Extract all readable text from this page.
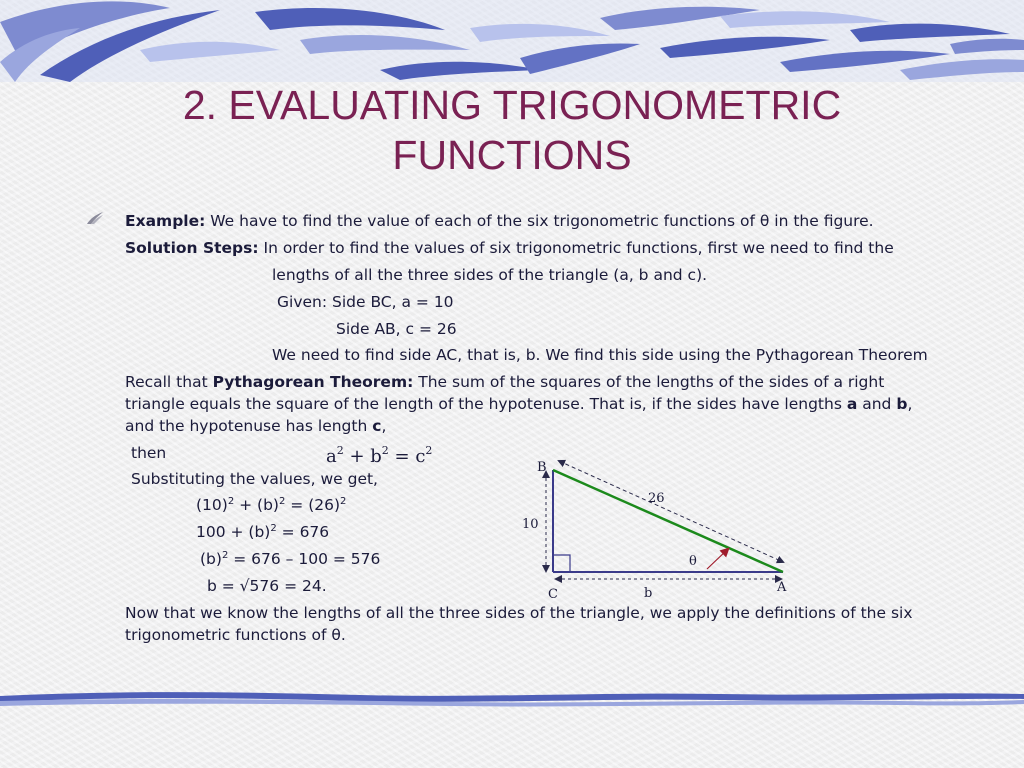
2. EVALUATING TRIGONOMETRIC
FUNCTIONS
Example: We have to find the value of each of the six trigonometric functions of θ in the figure.
Solution Steps: In order to find the values of six trigonometric functions, first we need to find the
lengths of all the three sides of the triangle (a, b and c).
Given: Side BC, a = 10
Side AB, c = 26
We need to find side AC, that is, b. We find this side using the Pythagorean Theorem
Recall that Pythagorean Theorem: The sum of the squares of the lengths of the sides of a right
triangle equals the square of the length of the hypotenuse. That is, if the sides have lengths a and b,
and the hypotenuse has length c,
then	$a^2 + b^2 = c^2$
Substituting the values, we get,
$(10)^2 + (b)^2 = (26)^2$
$100 + (b)^2 = 676$
$(b)^2 = 676 - 100 = 576$
b = √576 = 24.
Now that we know the lengths of all the three sides of the triangle, we apply the definitions of the six
trigonometric functions of θ.
B
C	A
10
26
b
θ
